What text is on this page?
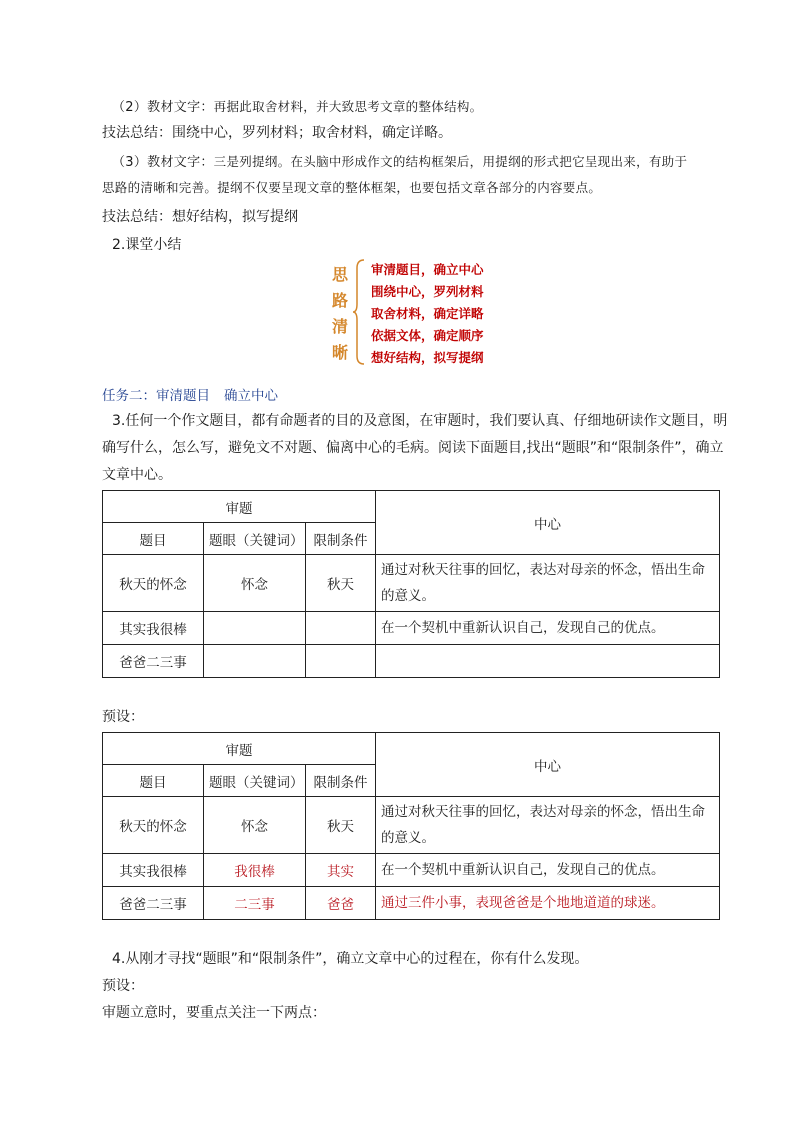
（2）教材文字：再据此取舍材料，并大致思考文章的整体结构。
技法总结：围绕中心，罗列材料；取舍材料，确定详略。
（3）教材文字：三是列提纲。在头脑中形成作文的结构框架后，用提纲的形式把它呈现出来，有助于
思路的清晰和完善。提纲不仅要呈现文章的整体框架，也要包括文章各部分的内容要点。
技法总结：想好结构，拟写提纲
2.课堂小结
思
路
清
晰
审清题目，确立中心
围绕中心，罗列材料
取舍材料，确定详略
依据文体，确定顺序
想好结构，拟写提纲
任务二：审清题目 确立中心
3.任何一个作文题目，都有命题者的目的及意图，在审题时，我们要认真、仔细地研读作文题目，明
确写什么，怎么写，避免文不对题、偏离中心的毛病。阅读下面题目,找出“题眼”和“限制条件”，确立
文章中心。
审题			中心
题目	题眼（关键词）	限制条件	
秋天的怀念	怀念	秋天	通过对秋天往事的回忆，表达对母亲的怀念，悟出生命的意义。
其实我很棒			在一个契机中重新认识自己，发现自己的优点。
爸爸二三事			
预设：
审题			中心
题目	题眼（关键词）	限制条件	
秋天的怀念	怀念	秋天	通过对秋天往事的回忆，表达对母亲的怀念，悟出生命的意义。
其实我很棒	我很棒	其实	在一个契机中重新认识自己，发现自己的优点。
爸爸二三事	二三事	爸爸	通过三件小事，表现爸爸是个地地道道的球迷。
4.从刚才寻找“题眼”和“限制条件”，确立文章中心的过程在，你有什么发现。
预设：
审题立意时，要重点关注一下两点：
